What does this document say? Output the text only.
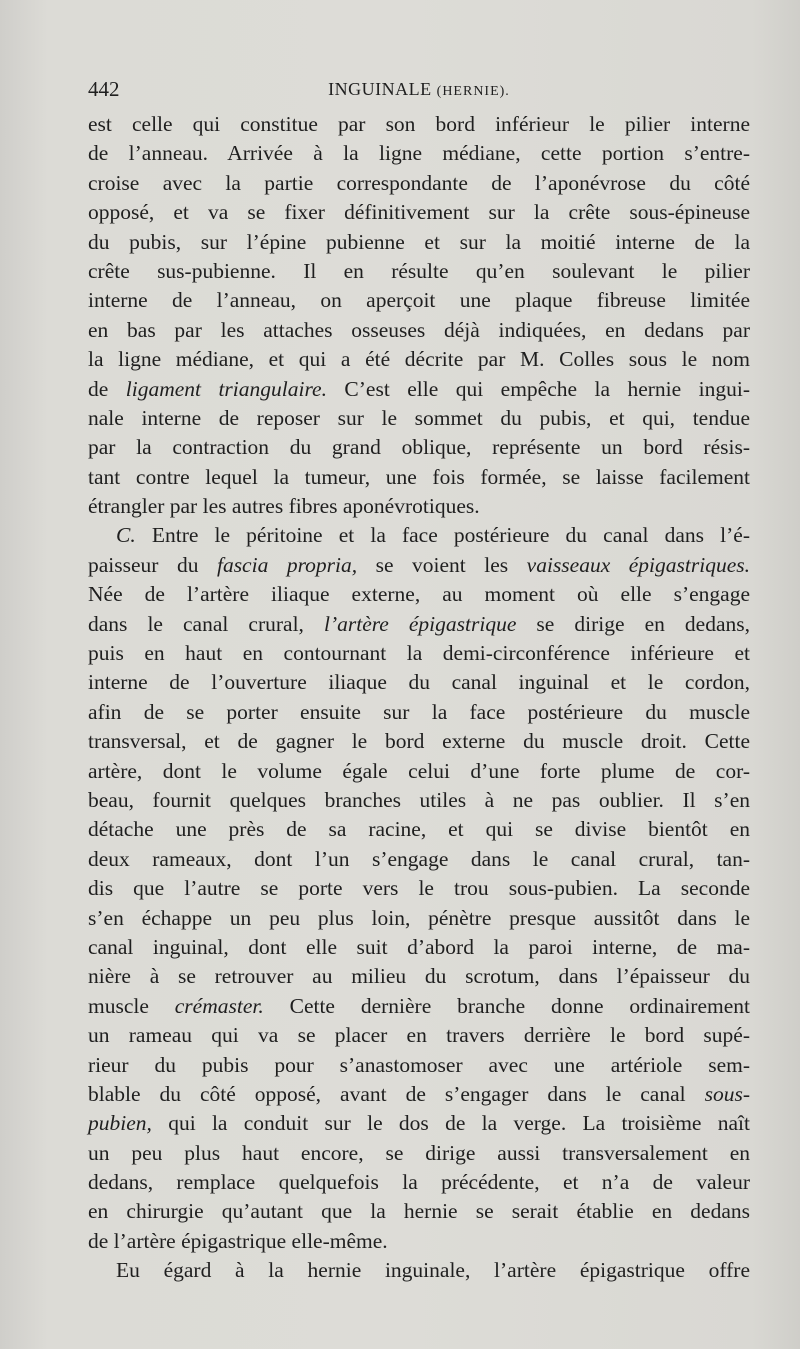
442	INGUINALE (HERNIE).
est celle qui constitue par son bord inférieur le pilier interne
de l’anneau. Arrivée à la ligne médiane, cette portion s’entre-
croise avec la partie correspondante de l’aponévrose du côté
opposé, et va se fixer définitivement sur la crête sous-épineuse
du pubis, sur l’épine pubienne et sur la moitié interne de la
crête sus-pubienne. Il en résulte qu’en soulevant le pilier
interne de l’anneau, on aperçoit une plaque fibreuse limitée
en bas par les attaches osseuses déjà indiquées, en dedans par
la ligne médiane, et qui a été décrite par M. Colles sous le nom
de ligament triangulaire. C’est elle qui empêche la hernie ingui-
nale interne de reposer sur le sommet du pubis, et qui, tendue
par la contraction du grand oblique, représente un bord résis-
tant contre lequel la tumeur, une fois formée, se laisse facilement
étrangler par les autres fibres aponévrotiques.
C. Entre le péritoine et la face postérieure du canal dans l’é-
paisseur du fascia propria, se voient les vaisseaux épigastriques.
Née de l’artère iliaque externe, au moment où elle s’engage
dans le canal crural, l’artère épigastrique se dirige en dedans,
puis en haut en contournant la demi-circonférence inférieure et
interne de l’ouverture iliaque du canal inguinal et le cordon,
afin de se porter ensuite sur la face postérieure du muscle
transversal, et de gagner le bord externe du muscle droit. Cette
artère, dont le volume égale celui d’une forte plume de cor-
beau, fournit quelques branches utiles à ne pas oublier. Il s’en
détache une près de sa racine, et qui se divise bientôt en
deux rameaux, dont l’un s’engage dans le canal crural, tan-
dis que l’autre se porte vers le trou sous-pubien. La seconde
s’en échappe un peu plus loin, pénètre presque aussitôt dans le
canal inguinal, dont elle suit d’abord la paroi interne, de ma-
nière à se retrouver au milieu du scrotum, dans l’épaisseur du
muscle crémaster. Cette dernière branche donne ordinairement
un rameau qui va se placer en travers derrière le bord supé-
rieur du pubis pour s’anastomoser avec une artériole sem-
blable du côté opposé, avant de s’engager dans le canal sous-
pubien, qui la conduit sur le dos de la verge. La troisième naît
un peu plus haut encore, se dirige aussi transversalement en
dedans, remplace quelquefois la précédente, et n’a de valeur
en chirurgie qu’autant que la hernie se serait établie en dedans
de l’artère épigastrique elle-même.
Eu égard à la hernie inguinale, l’artère épigastrique offre
